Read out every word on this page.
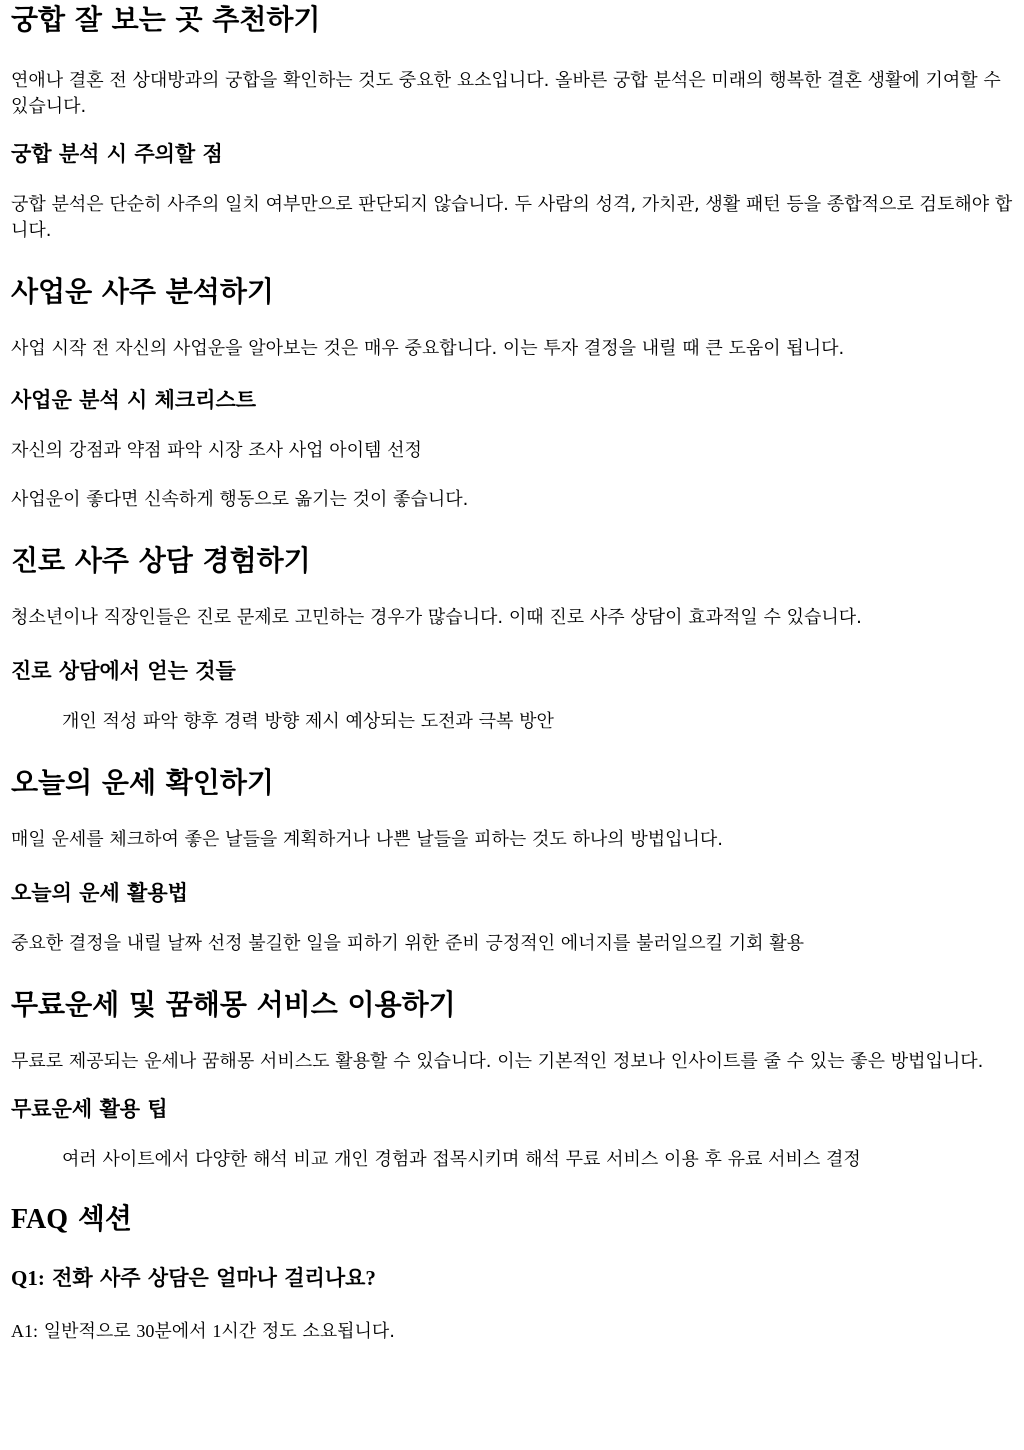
궁합 잘 보는 곳 추천하기

연애나 결혼 전 상대방과의 궁합을 확인하는 것도 중요한 요소입니다. 올바른 궁합 분석은 미래의 행복한 결혼 생활에 기여할 수 있습니다.

궁합 분석 시 주의할 점

궁합 분석은 단순히 사주의 일치 여부만으로 판단되지 않습니다. 두 사람의 성격, 가치관, 생활 패턴 등을 종합적으로 검토해야 합니다.

사업운 사주 분석하기

사업 시작 전 자신의 사업운을 알아보는 것은 매우 중요합니다. 이는 투자 결정을 내릴 때 큰 도움이 됩니다.

사업운 분석 시 체크리스트

자신의 강점과 약점 파악 시장 조사 사업 아이템 선정

사업운이 좋다면 신속하게 행동으로 옮기는 것이 좋습니다.

진로 사주 상담 경험하기

청소년이나 직장인들은 진로 문제로 고민하는 경우가 많습니다. 이때 진로 사주 상담이 효과적일 수 있습니다.

진로 상담에서 얻는 것들

개인 적성 파악 향후 경력 방향 제시 예상되는 도전과 극복 방안

오늘의 운세 확인하기

매일 운세를 체크하여 좋은 날들을 계획하거나 나쁜 날들을 피하는 것도 하나의 방법입니다.

오늘의 운세 활용법

중요한 결정을 내릴 날짜 선정 불길한 일을 피하기 위한 준비 긍정적인 에너지를 불러일으킬 기회 활용

무료운세 및 꿈해몽 서비스 이용하기

무료로 제공되는 운세나 꿈해몽 서비스도 활용할 수 있습니다. 이는 기본적인 정보나 인사이트를 줄 수 있는 좋은 방법입니다.

무료운세 활용 팁

여러 사이트에서 다양한 해석 비교 개인 경험과 접목시키며 해석 무료 서비스 이용 후 유료 서비스 결정

FAQ 섹션
Q1: 전화 사주 상담은 얼마나 걸리나요?

A1: 일반적으로 30분에서 1시간 정도 소요됩니다.
